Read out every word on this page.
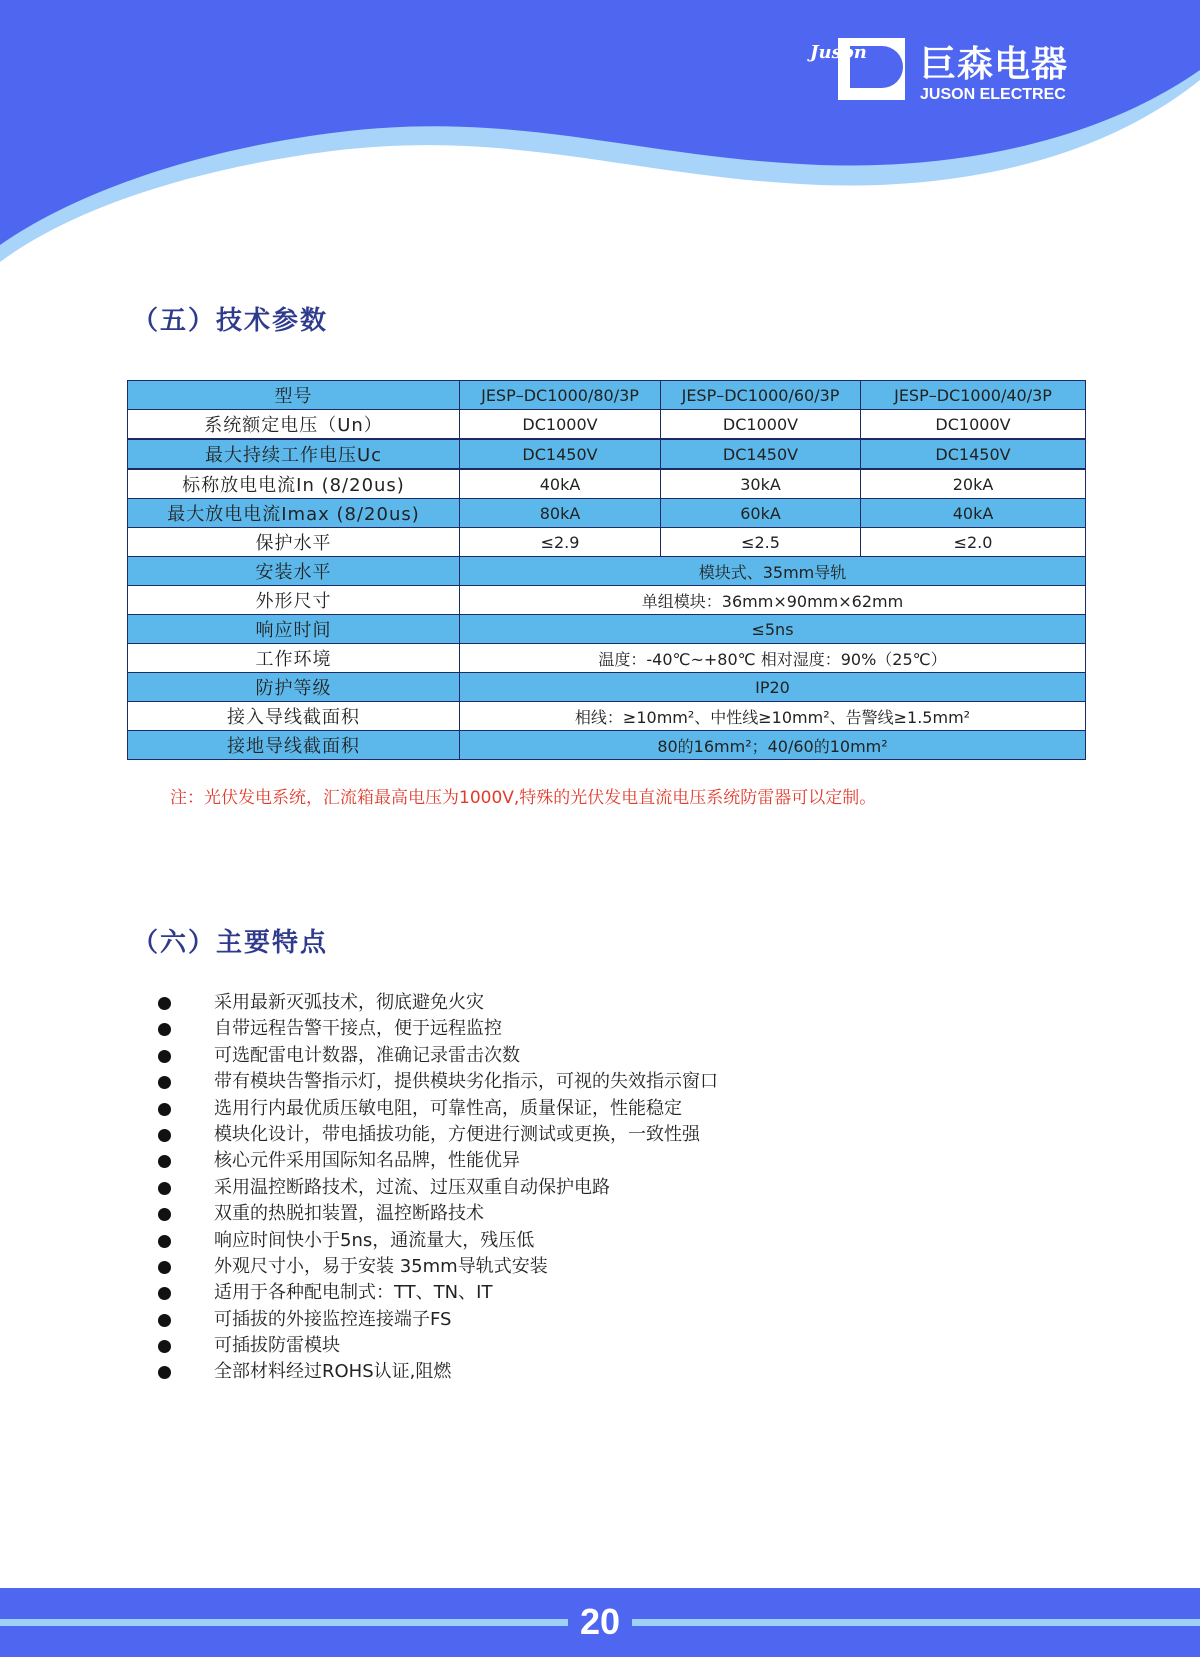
Juson 巨森电器
JUSON ELECTREC
（五）技术参数
型号	JESP–DC1000/80/3P	JESP–DC1000/60/3P	JESP–DC1000/40/3P
系统额定电压（Un）	DC1000V	DC1000V	DC1000V
最大持续工作电压Uc	DC1450V	DC1450V	DC1450V
标称放电电流In (8/20us)	40kA	30kA	20kA
最大放电电流Imax (8/20us)	80kA	60kA	40kA
保护水平	≤2.9	≤2.5	≤2.0
安装水平	模块式、35mm导轨		
外形尺寸	单组模块：36mm×90mm×62mm		
响应时间	≤5ns		
工作环境	温度：-40℃~+80℃ 相对湿度：90%（25℃）		
防护等级	IP20		
接入导线截面积	相线：≥10mm²、中性线≥10mm²、告警线≥1.5mm²		
接地导线截面积	80的16mm²；40/60的10mm²		
注：光伏发电系统，汇流箱最高电压为1000V,特殊的光伏发电直流电压系统防雷器可以定制。
（六）主要特点
采用最新灭弧技术，彻底避免火灾
自带远程告警干接点，便于远程监控
可选配雷电计数器，准确记录雷击次数
带有模块告警指示灯，提供模块劣化指示，可视的失效指示窗口
选用行内最优质压敏电阻，可靠性高，质量保证，性能稳定
模块化设计，带电插拔功能，方便进行测试或更换，一致性强
核心元件采用国际知名品牌，性能优异
采用温控断路技术，过流、过压双重自动保护电路
双重的热脱扣装置，温控断路技术
响应时间快小于5ns，通流量大，残压低
外观尺寸小，易于安装 35mm导轨式安装
适用于各种配电制式：TT、TN、IT
可插拔的外接监控连接端子FS
可插拔防雷模块
全部材料经过ROHS认证,阻燃
20
